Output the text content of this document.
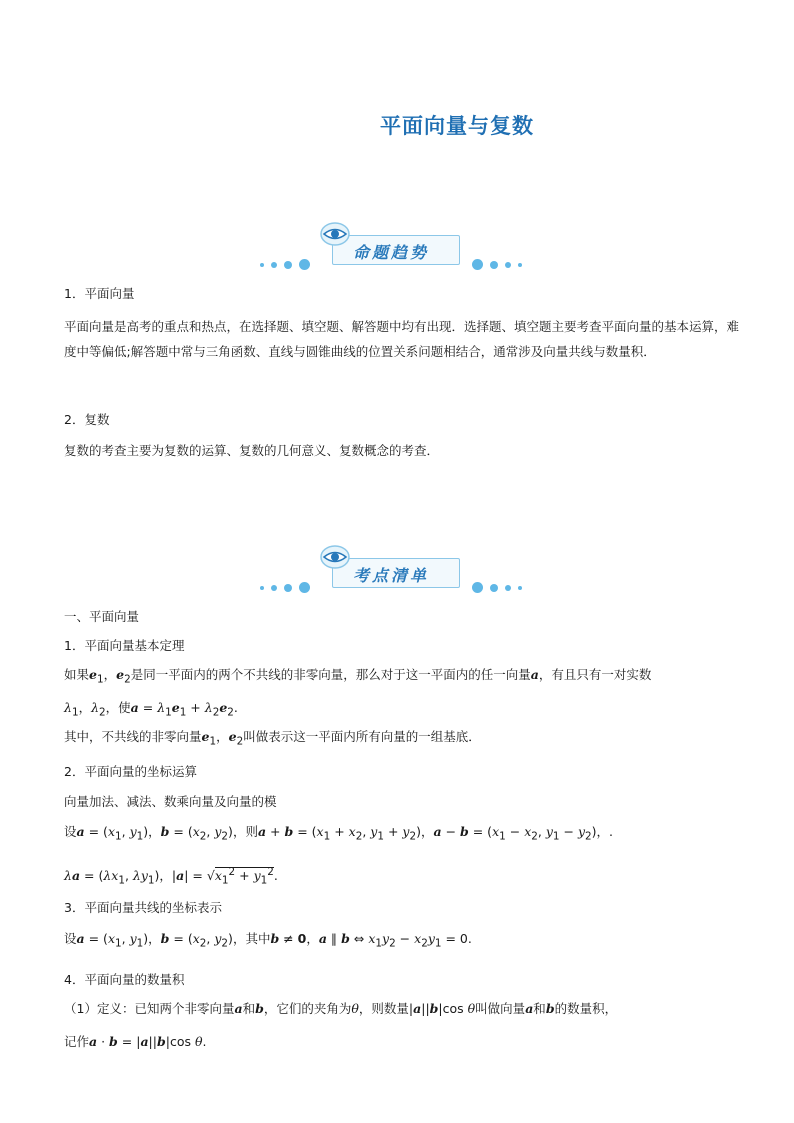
平面向量与复数
命题趋势
1．平面向量
平面向量是高考的重点和热点，在选择题、填空题、解答题中均有出现．选择题、填空题主要考查平面向量的基本运算，难度中等偏低;解答题中常与三角函数、直线与圆锥曲线的位置关系问题相结合，通常涉及向量共线与数量积．
2．复数
复数的考查主要为复数的运算、复数的几何意义、复数概念的考查．
考点清单
一、平面向量
1．平面向量基本定理
如果$e_1$，$e_2$是同一平面内的两个不共线的非零向量，那么对于这一平面内的任一向量a，有且只有一对实数
$\lambda_1$，$\lambda_2$，使$a = \lambda_1e_1 + \lambda_2e_2$.
其中，不共线的非零向量$e_1$，$e_2$叫做表示这一平面内所有向量的一组基底．
2．平面向量的坐标运算
向量加法、减法、数乘向量及向量的模
设$a = (x_1$, $y_1$)，$b = (x_2$, $y_2$)，则$a + b = (x_1 + x_2$, $y_1 + y_2$)，$a - b = (x_1 - x_2$, $y_1 - y_2$)，.
$\lambda a = (\lambda x_1$, $\lambda y_1$)，$|a| = √x_1^2 + y_1^2$.
3．平面向量共线的坐标表示
设$a = (x_1$, $y_1$)，$b = (x_2$, $y_2$)，其中b ≠ 0，a ∥ b ⇔ $x_1y_2 - x_2y_1 = 0$.
4．平面向量的数量积
（1）定义：已知两个非零向量a和b，它们的夹角为θ，则数量|a||b|cos θ叫做向量a和b的数量积，
记作a · b = |a||b|cos θ.
